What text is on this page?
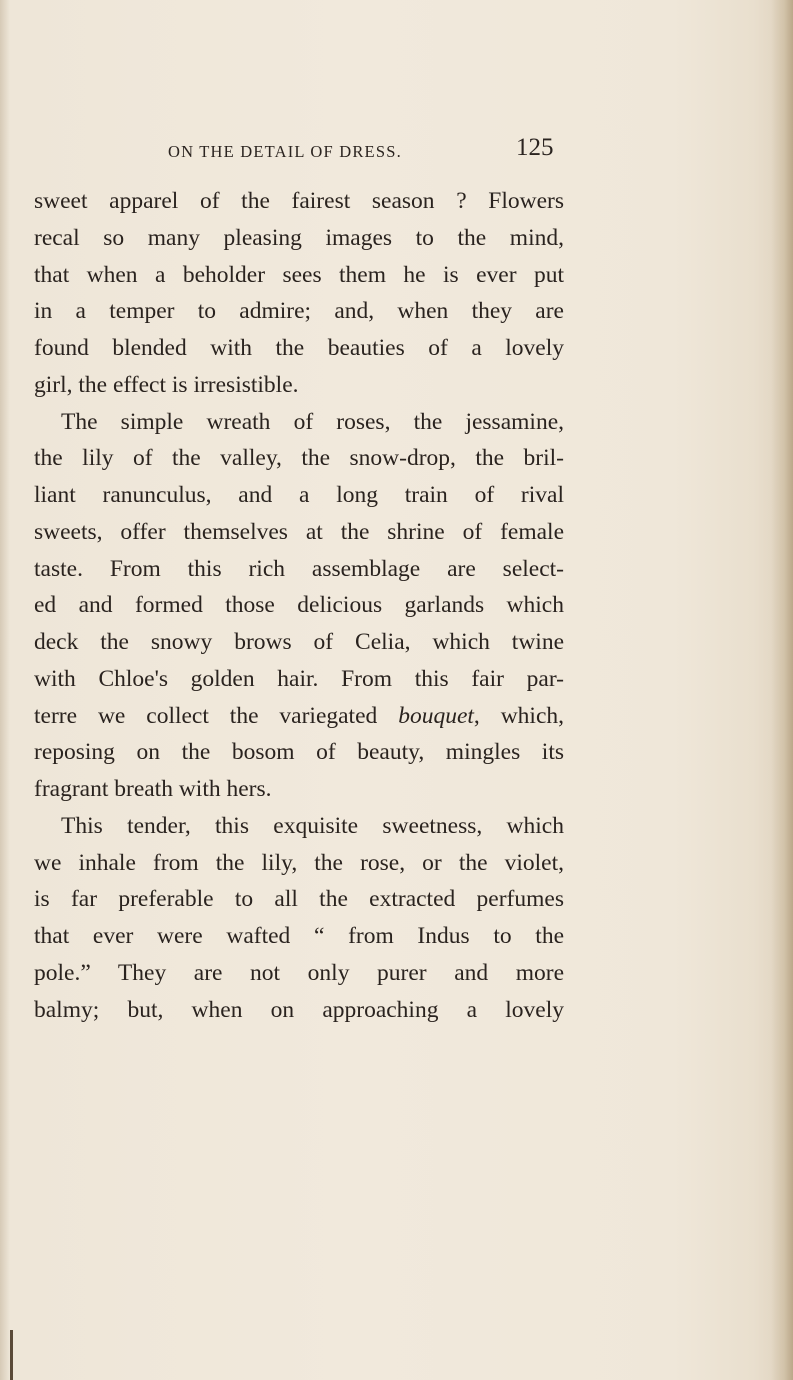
ON THE DETAIL OF DRESS.	125
sweet apparel of the fairest season ? Flowers
recal so many pleasing images to the mind,
that when a beholder sees them he is ever put
in a temper to admire; and, when they are
found blended with the beauties of a lovely
girl, the effect is irresistible.
The simple wreath of roses, the jessamine,
the lily of the valley, the snow-drop, the bril-
liant ranunculus, and a long train of rival
sweets, offer themselves at the shrine of female
taste. From this rich assemblage are select-
ed and formed those delicious garlands which
deck the snowy brows of Celia, which twine
with Chloe's golden hair. From this fair par-
terre we collect the variegated bouquet, which,
reposing on the bosom of beauty, mingles its
fragrant breath with hers.
This tender, this exquisite sweetness, which
we inhale from the lily, the rose, or the violet,
is far preferable to all the extracted perfumes
that ever were wafted “ from Indus to the
pole.” They are not only purer and more
balmy; but, when on approaching a lovely
